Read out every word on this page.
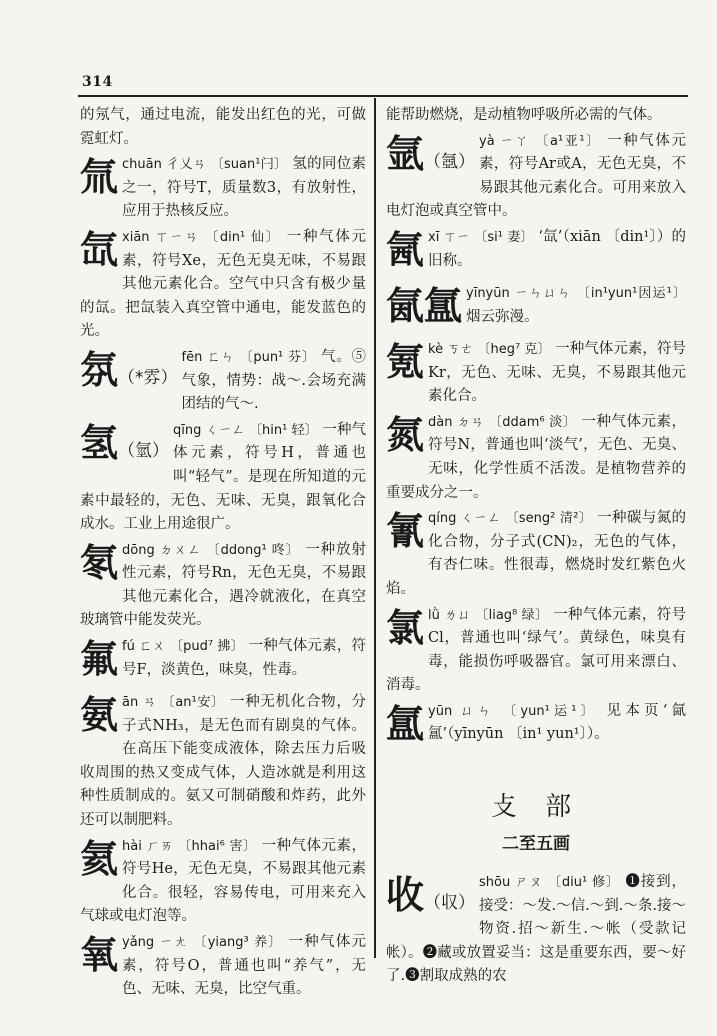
314

的氖气，通过电流，能发出红色的光，可做霓虹灯。

氚chuān 彳乂ㄢ 〔suan¹闩〕 氢的同位素之一，符号T，质量数3，有放射性，应用于热核反应。
氙xiān ㄒㄧㄢ 〔din¹ 仙〕 一种气体元素，符号Xe，无色无臭无味，不易跟其他元素化合。空气中只含有极少量的氙。把氙装入真空管中通电，能发蓝色的光。
氛（*雰）
fēn ㄈㄣ 〔pun¹ 芬〕 气。⑤气象，情势：战～.会场充满团结的气～.
氢（氫）
qīng ㄑㄧㄥ 〔hin¹ 轻〕 一种气体元素，符号H，普通也叫“轻气”。是现在所知道的元素中最轻的，无色、无味、无臭，跟氧化合成水。工业上用途很广。
氡dōng ㄉㄨㄥ 〔ddong¹ 咚〕 一种放射性元素，符号Rn，无色无臭，不易跟其他元素化合，遇冷就液化，在真空玻璃管中能发荧光。
氟fú ㄈㄨ 〔pud⁷ 拂〕 一种气体元素，符号F，淡黄色，味臭，性毒。
氨ān ㄢ 〔an¹安〕 一种无机化合物，分子式NH₃，是无色而有剧臭的气体。在高压下能变成液体，除去压力后吸收周围的热又变成气体，人造冰就是利用这种性质制成的。氨又可制硝酸和炸药，此外还可以制肥料。
氦hài ㄏㄞ 〔hhai⁶ 害〕 一种气体元素，符号He，无色无臭，不易跟其他元素化合。很轻，容易传电，可用来充入气球或电灯泡等。
氧yǎng ㄧㄤ 〔yiang³ 养〕 一种气体元素，符号O，普通也叫“养气”，无色、无味、无臭，比空气重。

能帮助燃烧，是动植物呼吸所必需的气体。

氩（氬）
yà ㄧㄚ 〔a¹亚¹〕 一种气体元素，符号Ar或A，无色无臭，不易跟其他元素化合。可用来放入电灯泡或真空管中。
氥xī ㄒㄧ 〔si¹ 妻〕 ‘氙’（xiān 〔din¹〕）的旧称。
氤氲 yīnyūn ㄧㄣㄩㄣ 〔in¹yun¹因运¹〕 烟云弥漫。
氪kè ㄎㄜ 〔heg⁷ 克〕 一种气体元素，符号Kr，无色、无味、无臭，不易跟其他元素化合。
氮dàn ㄉㄢ 〔ddam⁶ 淡〕 一种气体元素，符号N，普通也叫‘淡气’，无色、无臭、无味，化学性质不活泼。是植物营养的重要成分之一。
氰qíng ㄑㄧㄥ 〔seng² 清²〕 一种碳与氮的化合物，分子式(CN)₂，无色的气体，有杏仁味。性很毒，燃烧时发红紫色火焰。
氯lǜ ㄌㄩ 〔liag⁸ 绿〕 一种气体元素，符号Cl，普通也叫‘绿气’。黄绿色，味臭有毒，能损伤呼吸器官。氯可用来漂白、消毒。
氲yūn ㄩㄣ 〔yun¹运¹〕 见本页‘氤氲’（yīnyūn 〔in¹ yun¹〕）。
攴 部
二至五画
收（収）
shōu ㄕㄡ 〔diu¹ 修〕 ❶接到，接受：～发.～信.～到.～条.接～物资.招～新生.～帐（受款记帐）。❷藏或放置妥当：这是重要东西，要～好了.❸割取成熟的农
